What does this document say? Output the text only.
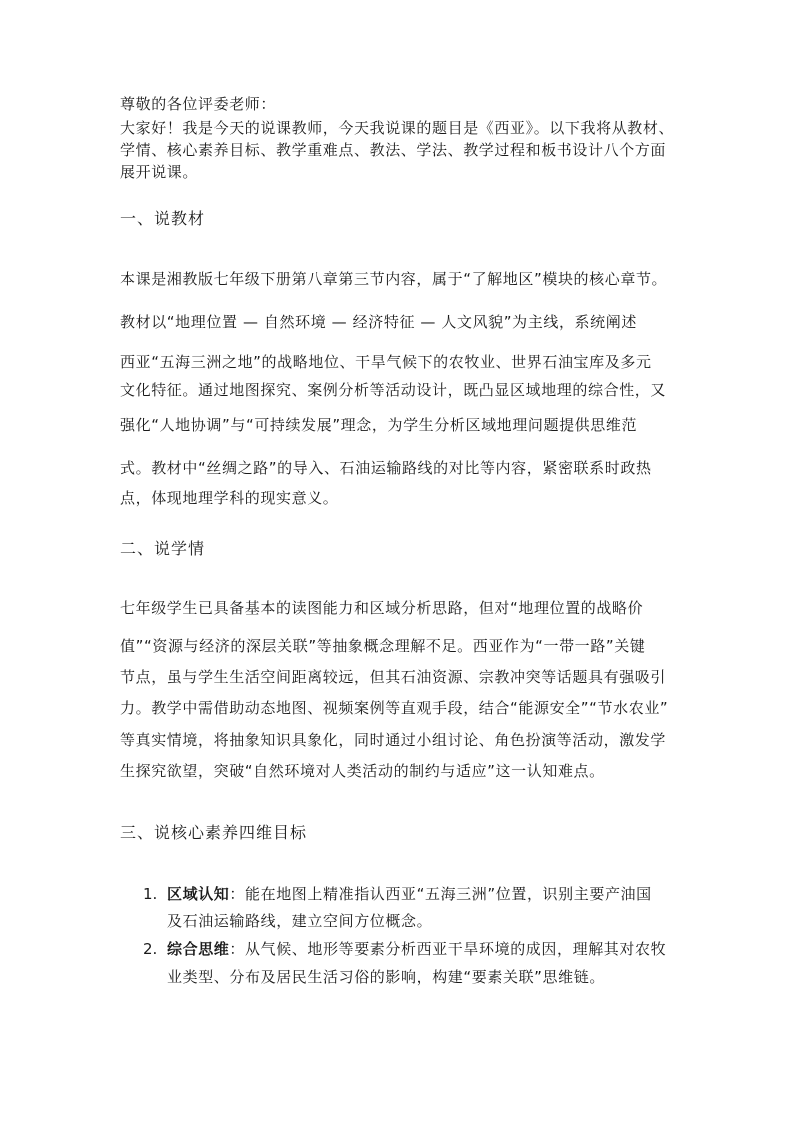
尊敬的各位评委老师：
大家好！我是今天的说课教师，今天我说课的题目是《西亚》。以下我将从教材、
学情、核心素养目标、教学重难点、教法、学法、教学过程和板书设计八个方面
展开说课。
一、说教材
本课是湘教版七年级下册第八章第三节内容，属于“了解地区”模块的核心章节。
教材以“地理位置 — 自然环境 — 经济特征 — 人文风貌”为主线，系统阐述
西亚“五海三洲之地”的战略地位、干旱气候下的农牧业、世界石油宝库及多元
文化特征。通过地图探究、案例分析等活动设计，既凸显区域地理的综合性，又
强化“人地协调”与“可持续发展”理念，为学生分析区域地理问题提供思维范
式。教材中“丝绸之路”的导入、石油运输路线的对比等内容，紧密联系时政热
点，体现地理学科的现实意义。
二、说学情
七年级学生已具备基本的读图能力和区域分析思路，但对“地理位置的战略价
值”“资源与经济的深层关联”等抽象概念理解不足。西亚作为“一带一路”关键
节点，虽与学生生活空间距离较远，但其石油资源、宗教冲突等话题具有强吸引
力。教学中需借助动态地图、视频案例等直观手段，结合“能源安全”“节水农业”
等真实情境，将抽象知识具象化，同时通过小组讨论、角色扮演等活动，激发学
生探究欲望，突破“自然环境对人类活动的制约与适应”这一认知难点。
三、说核心素养四维目标
1. 区域认知：能在地图上精准指认西亚“五海三洲”位置，识别主要产油国
及石油运输路线，建立空间方位概念。
2. 综合思维：从气候、地形等要素分析西亚干旱环境的成因，理解其对农牧
业类型、分布及居民生活习俗的影响，构建“要素关联”思维链。
